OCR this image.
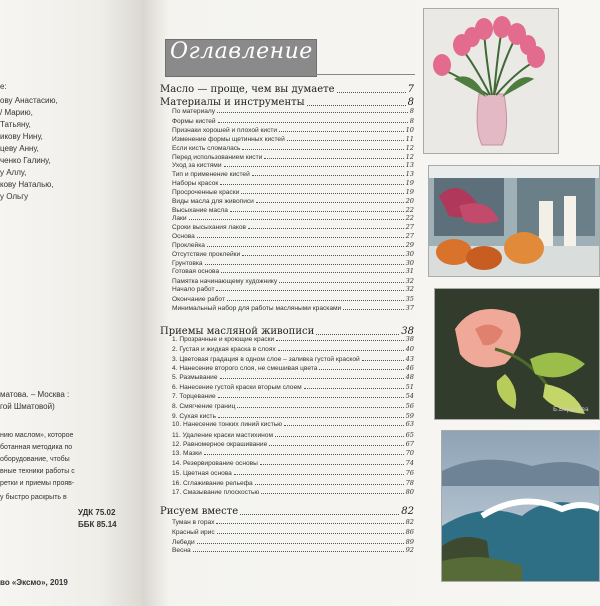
е:
ову Анастасию,
/ Марию,
Татьяну,
икову Нину,
цеву Анну,
ченко Галину,
у Аллу,
кову Наталью,
у Ольгу
матова. – Москва :
гой Шматовой)
нию маслом», которое
ботанная методика по
оборудование, чтобы
вные техники работы с
ретки и приемы прояв-
у быстро раскрыть в
УДК 75.02
ББК 85.14
во «Эксмо», 2019
Оглавление
Масло — проще, чем вы думаете	7
Материалы и инструменты	8
По материалу	8
Формы кистей	8
Признаки хорошей и плохой кисти	10
Изменение формы щетинных кистей	11
Если кисть сломалась	12
Перед использованием кисти	12
Уход за кистями	13
Тип и применение кистей	13
Наборы красок	19
Просроченные краски	19
Виды масла для живописи	20
Высыхание масла	22
Лаки	22
Сроки высыхания лаков	27
Основа	27
Проклейка	29
Отсутствие проклейки	30
Грунтовка	30
Готовая основа	31
Памятка начинающему художнику	32
Начало работ	32
Окончание работ	35
Минимальный набор для работы масляными красками	37
Приемы масляной живописи	38
1. Прозрачные и кроющие краски	38
2. Густая и жидкая краска в слоях	40
3. Цветовая градация в одном слое – заливка густой краской	43
4. Нанесение второго слоя, не смешивая цвета	46
5. Размывание	48
6. Нанесение густой краски вторым слоем	51
7. Торцевание	54
8. Смягчение границ	56
9. Сухая кисть	59
10. Нанесение тонких линий кистью	63
11. Удаление краски мастихином	65
12. Равномерное окрашивание	67
13. Мазки	70
14. Резервирование основы	74
15. Цветная основа	76
16. Сглаживание рельефа	78
17. Смазывание плоскостью	80
Рисуем вместе	82
Туман в горах	82
Красный ирис	86
Лебеди	89
Весна	92
Б.Борисова
